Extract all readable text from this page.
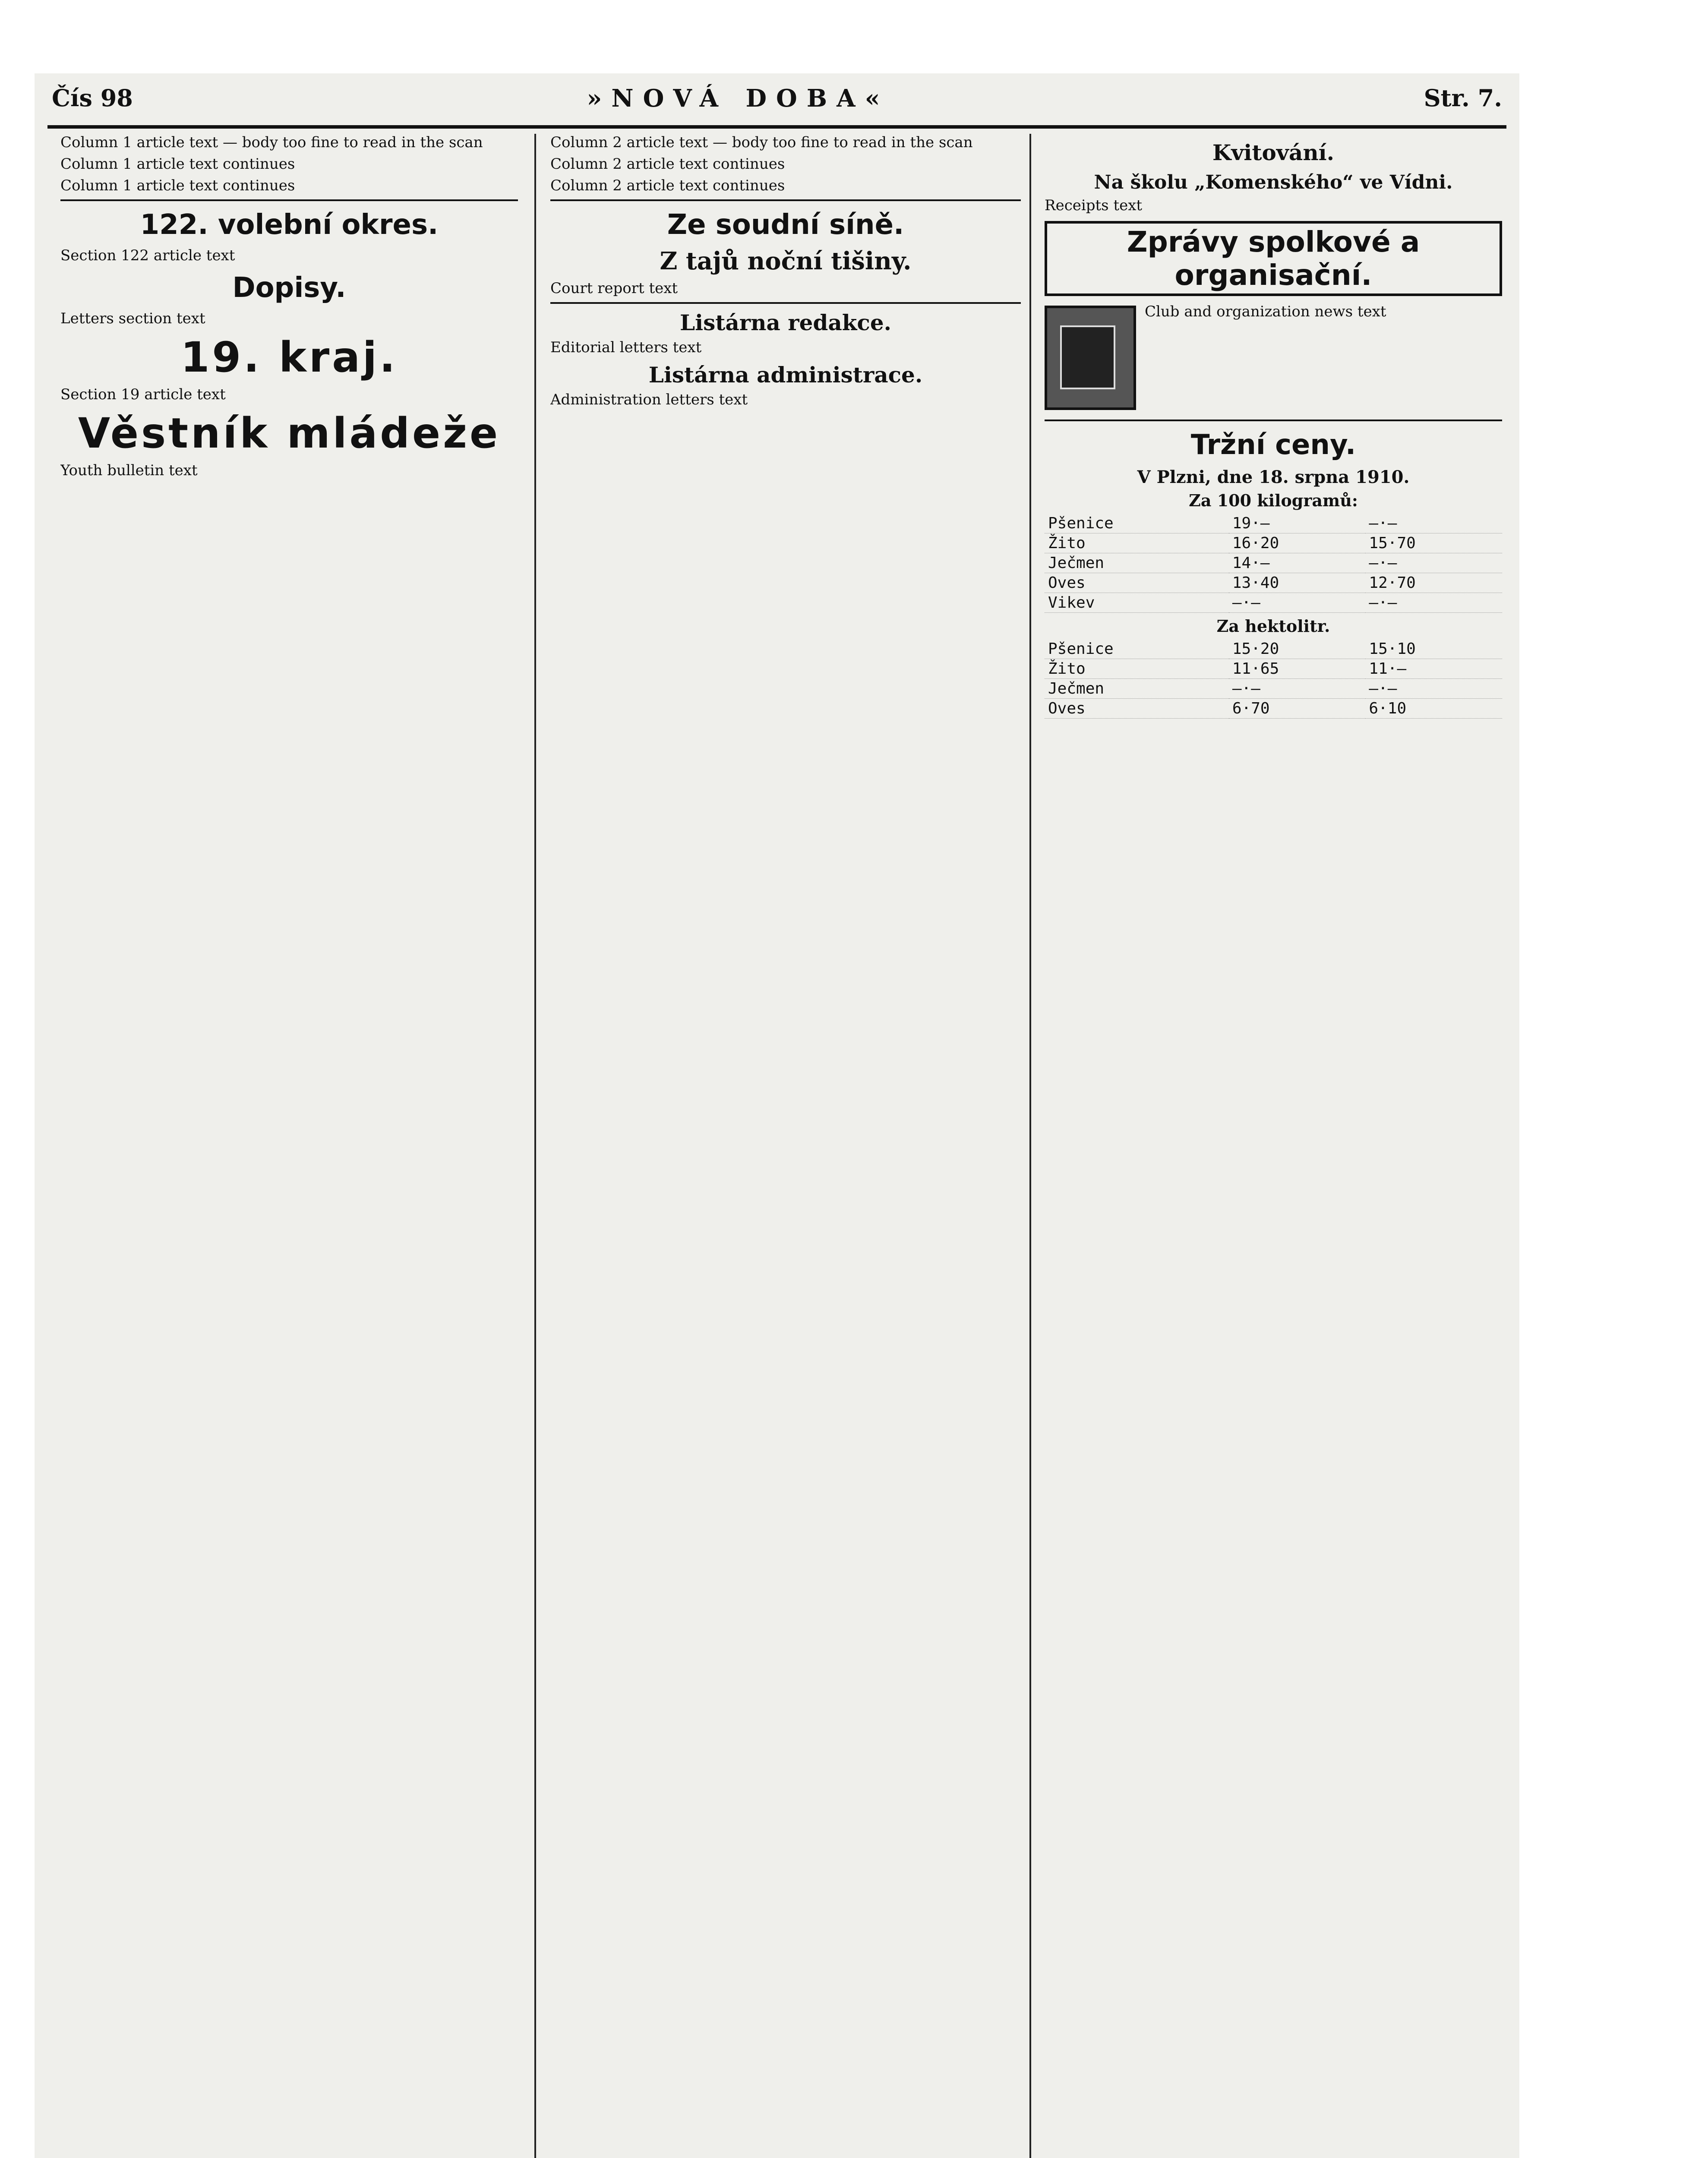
Čís 98	»NOVÁ DOBA«	Str. 7.

Column 1 article text — body too fine to read in the scan

Column 1 article text continues

Column 1 article text continues

122. volební okres.

Section 122 article text

Dopisy.

Letters section text

19. kraj.

Section 19 article text

Věstník mládeže

Youth bulletin text

Column 2 article text — body too fine to read in the scan

Column 2 article text continues

Column 2 article text continues

Ze soudní síně.
Z tajů noční tišiny.

Court report text

Listárna redakce.

Editorial letters text

Listárna administrace.

Administration letters text

Kvitování.
Na školu „Komenského“ ve Vídni.

Receipts text

Zprávy spolkové a organisační.

Club and organization news text

Tržní ceny.
V Plzni, dne 18. srpna 1910.
Za 100 kilogramů:
Pšenice	19·–	–·–
Žito	16·20	15·70
Ječmen	14·–	–·–
Oves	13·40	12·70
Vikev	–·–	–·–
Za hektolitr.
Pšenice	15·20	15·10
Žito	11·65	11·–
Ječmen	–·–	–·–
Oves	6·70	6·10
